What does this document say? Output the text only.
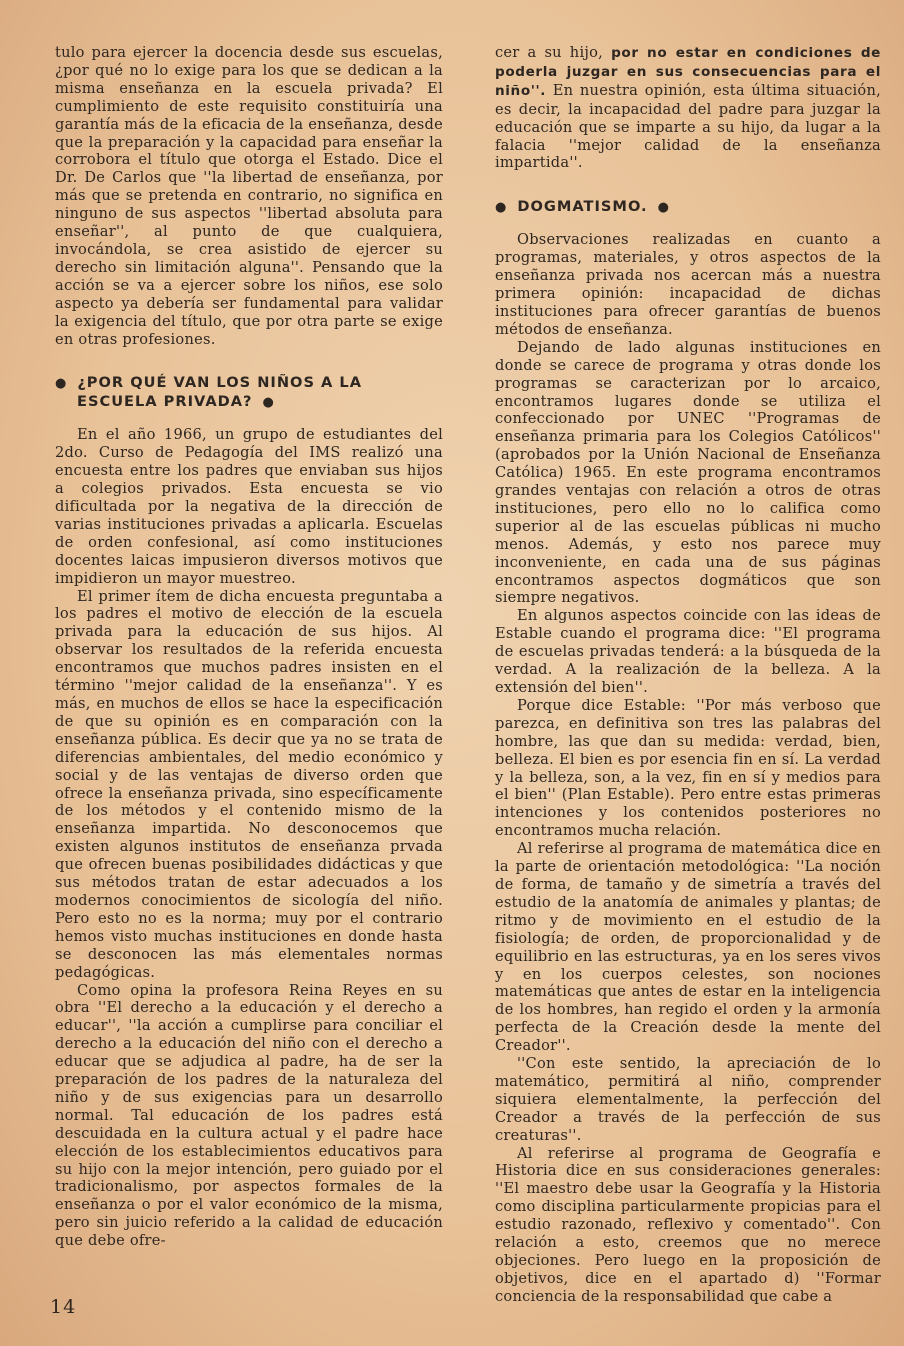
tulo para ejercer la docencia desde sus escuelas, ¿por qué no lo exige para los que se dedican a la misma enseñanza en la escuela privada? El cumplimiento de este requisito constituiría una garantía más de la eficacia de la enseñanza, desde que la preparación y la capacidad para enseñar la corrobora el título que otorga el Estado. Dice el Dr. De Carlos que ''la libertad de enseñanza, por más que se pretenda en contrario, no significa en ninguno de sus aspectos ''libertad absoluta para enseñar'', al punto de que cualquiera, invocándola, se crea asistido de ejercer su derecho sin limitación alguna''. Pensando que la acción se va a ejercer sobre los niños, ese solo aspecto ya debería ser fundamental para validar la exigencia del título, que por otra parte se exige en otras profesiones.

● ¿POR QUÉ VAN LOS NIÑOS A LA
ESCUELA PRIVADA? ●

En el año 1966, un grupo de estudiantes del 2do. Curso de Pedagogía del IMS realizó una encuesta entre los padres que enviaban sus hijos a colegios privados. Esta encuesta se vio dificultada por la negativa de la dirección de varias instituciones privadas a aplicarla. Escuelas de orden confesional, así como instituciones docentes laicas impusieron diversos motivos que impidieron un mayor muestreo.

El primer ítem de dicha encuesta preguntaba a los padres el motivo de elección de la escuela privada para la educación de sus hijos. Al observar los resultados de la referida encuesta encontramos que muchos padres insisten en el término ''mejor calidad de la enseñanza''. Y es más, en muchos de ellos se hace la especificación de que su opinión es en comparación con la enseñanza pública. Es decir que ya no se trata de diferencias ambientales, del medio económico y social y de las ventajas de diverso orden que ofrece la enseñanza privada, sino específicamente de los métodos y el contenido mismo de la enseñanza impartida. No desconocemos que existen algunos institutos de enseñanza prvada que ofrecen buenas posibilidades didácticas y que sus métodos tratan de estar adecuados a los modernos conocimientos de sicología del niño. Pero esto no es la norma; muy por el contrario hemos visto muchas instituciones en donde hasta se desconocen las más elementales normas pedagógicas.

Como opina la profesora Reina Reyes en su obra ''El derecho a la educación y el derecho a educar'', ''la acción a cumplirse para conciliar el derecho a la educación del niño con el derecho a educar que se adjudica al padre, ha de ser la preparación de los padres de la naturaleza del niño y de sus exigencias para un desarrollo normal. Tal educación de los padres está descuidada en la cultura actual y el padre hace elección de los establecimientos educativos para su hijo con la mejor intención, pero guiado por el tradicionalismo, por aspectos formales de la enseñanza o por el valor económico de la misma, pero sin juicio referido a la calidad de educación que debe ofre-

cer a su hijo, por no estar en condiciones de poderla juzgar en sus consecuencias para el niño''. En nuestra opinión, esta última situación, es decir, la incapacidad del padre para juzgar la educación que se imparte a su hijo, da lugar a la falacia ''mejor calidad de la enseñanza impartida''.

● DOGMATISMO. ●

Observaciones realizadas en cuanto a programas, materiales, y otros aspectos de la enseñanza privada nos acercan más a nuestra primera opinión: incapacidad de dichas instituciones para ofrecer garantías de buenos métodos de enseñanza.

Dejando de lado algunas instituciones en donde se carece de programa y otras donde los programas se caracterizan por lo arcaico, encontramos lugares donde se utiliza el confeccionado por UNEC ''Programas de enseñanza primaria para los Colegios Católicos'' (aprobados por la Unión Nacional de Enseñanza Católica) 1965. En este programa encontramos grandes ventajas con relación a otros de otras instituciones, pero ello no lo califica como superior al de las escuelas públicas ni mucho menos. Además, y esto nos parece muy inconveniente, en cada una de sus páginas encontramos aspectos dogmáticos que son siempre negativos.

En algunos aspectos coincide con las ideas de Estable cuando el programa dice: ''El programa de escuelas privadas tenderá: a la búsqueda de la verdad. A la realización de la belleza. A la extensión del bien''.

Porque dice Estable: ''Por más verboso que parezca, en definitiva son tres las palabras del hombre, las que dan su medida: verdad, bien, belleza. El bien es por esencia fin en sí. La verdad y la belleza, son, a la vez, fin en sí y medios para el bien'' (Plan Estable). Pero entre estas primeras intenciones y los contenidos posteriores no encontramos mucha relación.

Al referirse al programa de matemática dice en la parte de orientación metodológica: ''La noción de forma, de tamaño y de simetría a través del estudio de la anatomía de animales y plantas; de ritmo y de movimiento en el estudio de la fisiología; de orden, de proporcionalidad y de equilibrio en las estructuras, ya en los seres vivos y en los cuerpos celestes, son nociones matemáticas que antes de estar en la inteligencia de los hombres, han regido el orden y la armonía perfecta de la Creación desde la mente del Creador''.

''Con este sentido, la apreciación de lo matemático, permitirá al niño, comprender siquiera elementalmente, la perfección del Creador a través de la perfección de sus creaturas''.

Al referirse al programa de Geografía e Historia dice en sus consideraciones generales: ''El maestro debe usar la Geografía y la Historia como disciplina particularmente propicias para el estudio razonado, reflexivo y comentado''. Con relación a esto, creemos que no merece objeciones. Pero luego en la proposición de objetivos, dice en el apartado d) ''Formar conciencia de la responsabilidad que cabe a

14
